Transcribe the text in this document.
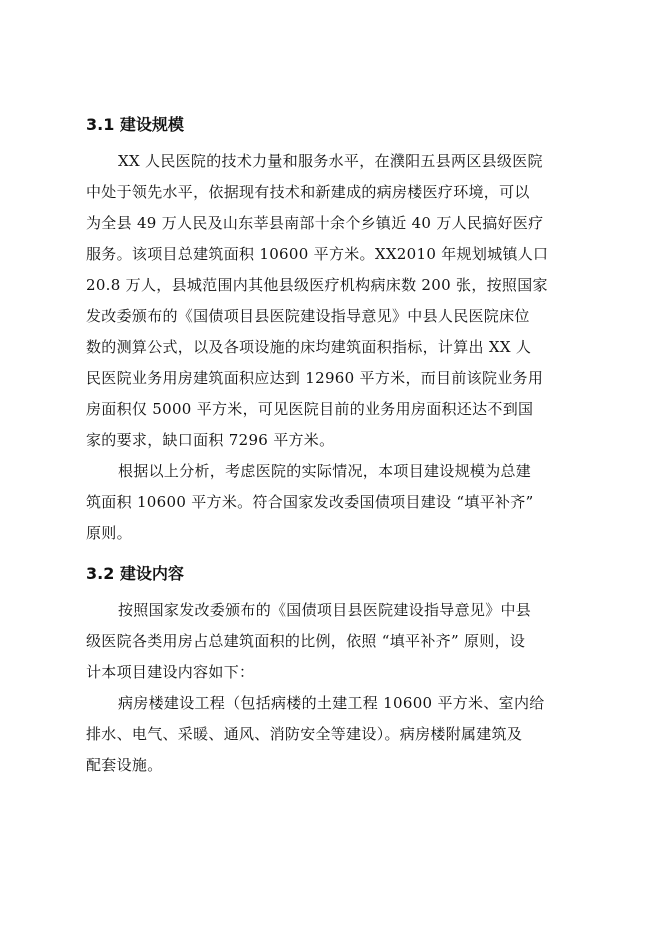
3.1 建设规模
XX 人民医院的技术力量和服务水平，在濮阳五县两区县级医院
中处于领先水平，依据现有技术和新建成的病房楼医疗环境，可以
为全县 49 万人民及山东莘县南部十余个乡镇近 40 万人民搞好医疗
服务。该项目总建筑面积 10600 平方米。XX2010 年规划城镇人口
20.8 万人，县城范围内其他县级医疗机构病床数 200 张，按照国家
发改委颁布的《国债项目县医院建设指导意见》中县人民医院床位
数的测算公式，以及各项设施的床均建筑面积指标，计算出 XX 人
民医院业务用房建筑面积应达到 12960 平方米，而目前该院业务用
房面积仅 5000 平方米，可见医院目前的业务用房面积还达不到国
家的要求，缺口面积 7296 平方米。
根据以上分析，考虑医院的实际情况，本项目建设规模为总建
筑面积 10600 平方米。符合国家发改委国债项目建设 “填平补齐”
原则。
3.2 建设内容
按照国家发改委颁布的《国债项目县医院建设指导意见》中县
级医院各类用房占总建筑面积的比例，依照 “填平补齐” 原则，设
计本项目建设内容如下：
病房楼建设工程（包括病楼的土建工程 10600 平方米、室内给
排水、电气、采暖、通风、消防安全等建设）。病房楼附属建筑及
配套设施。
